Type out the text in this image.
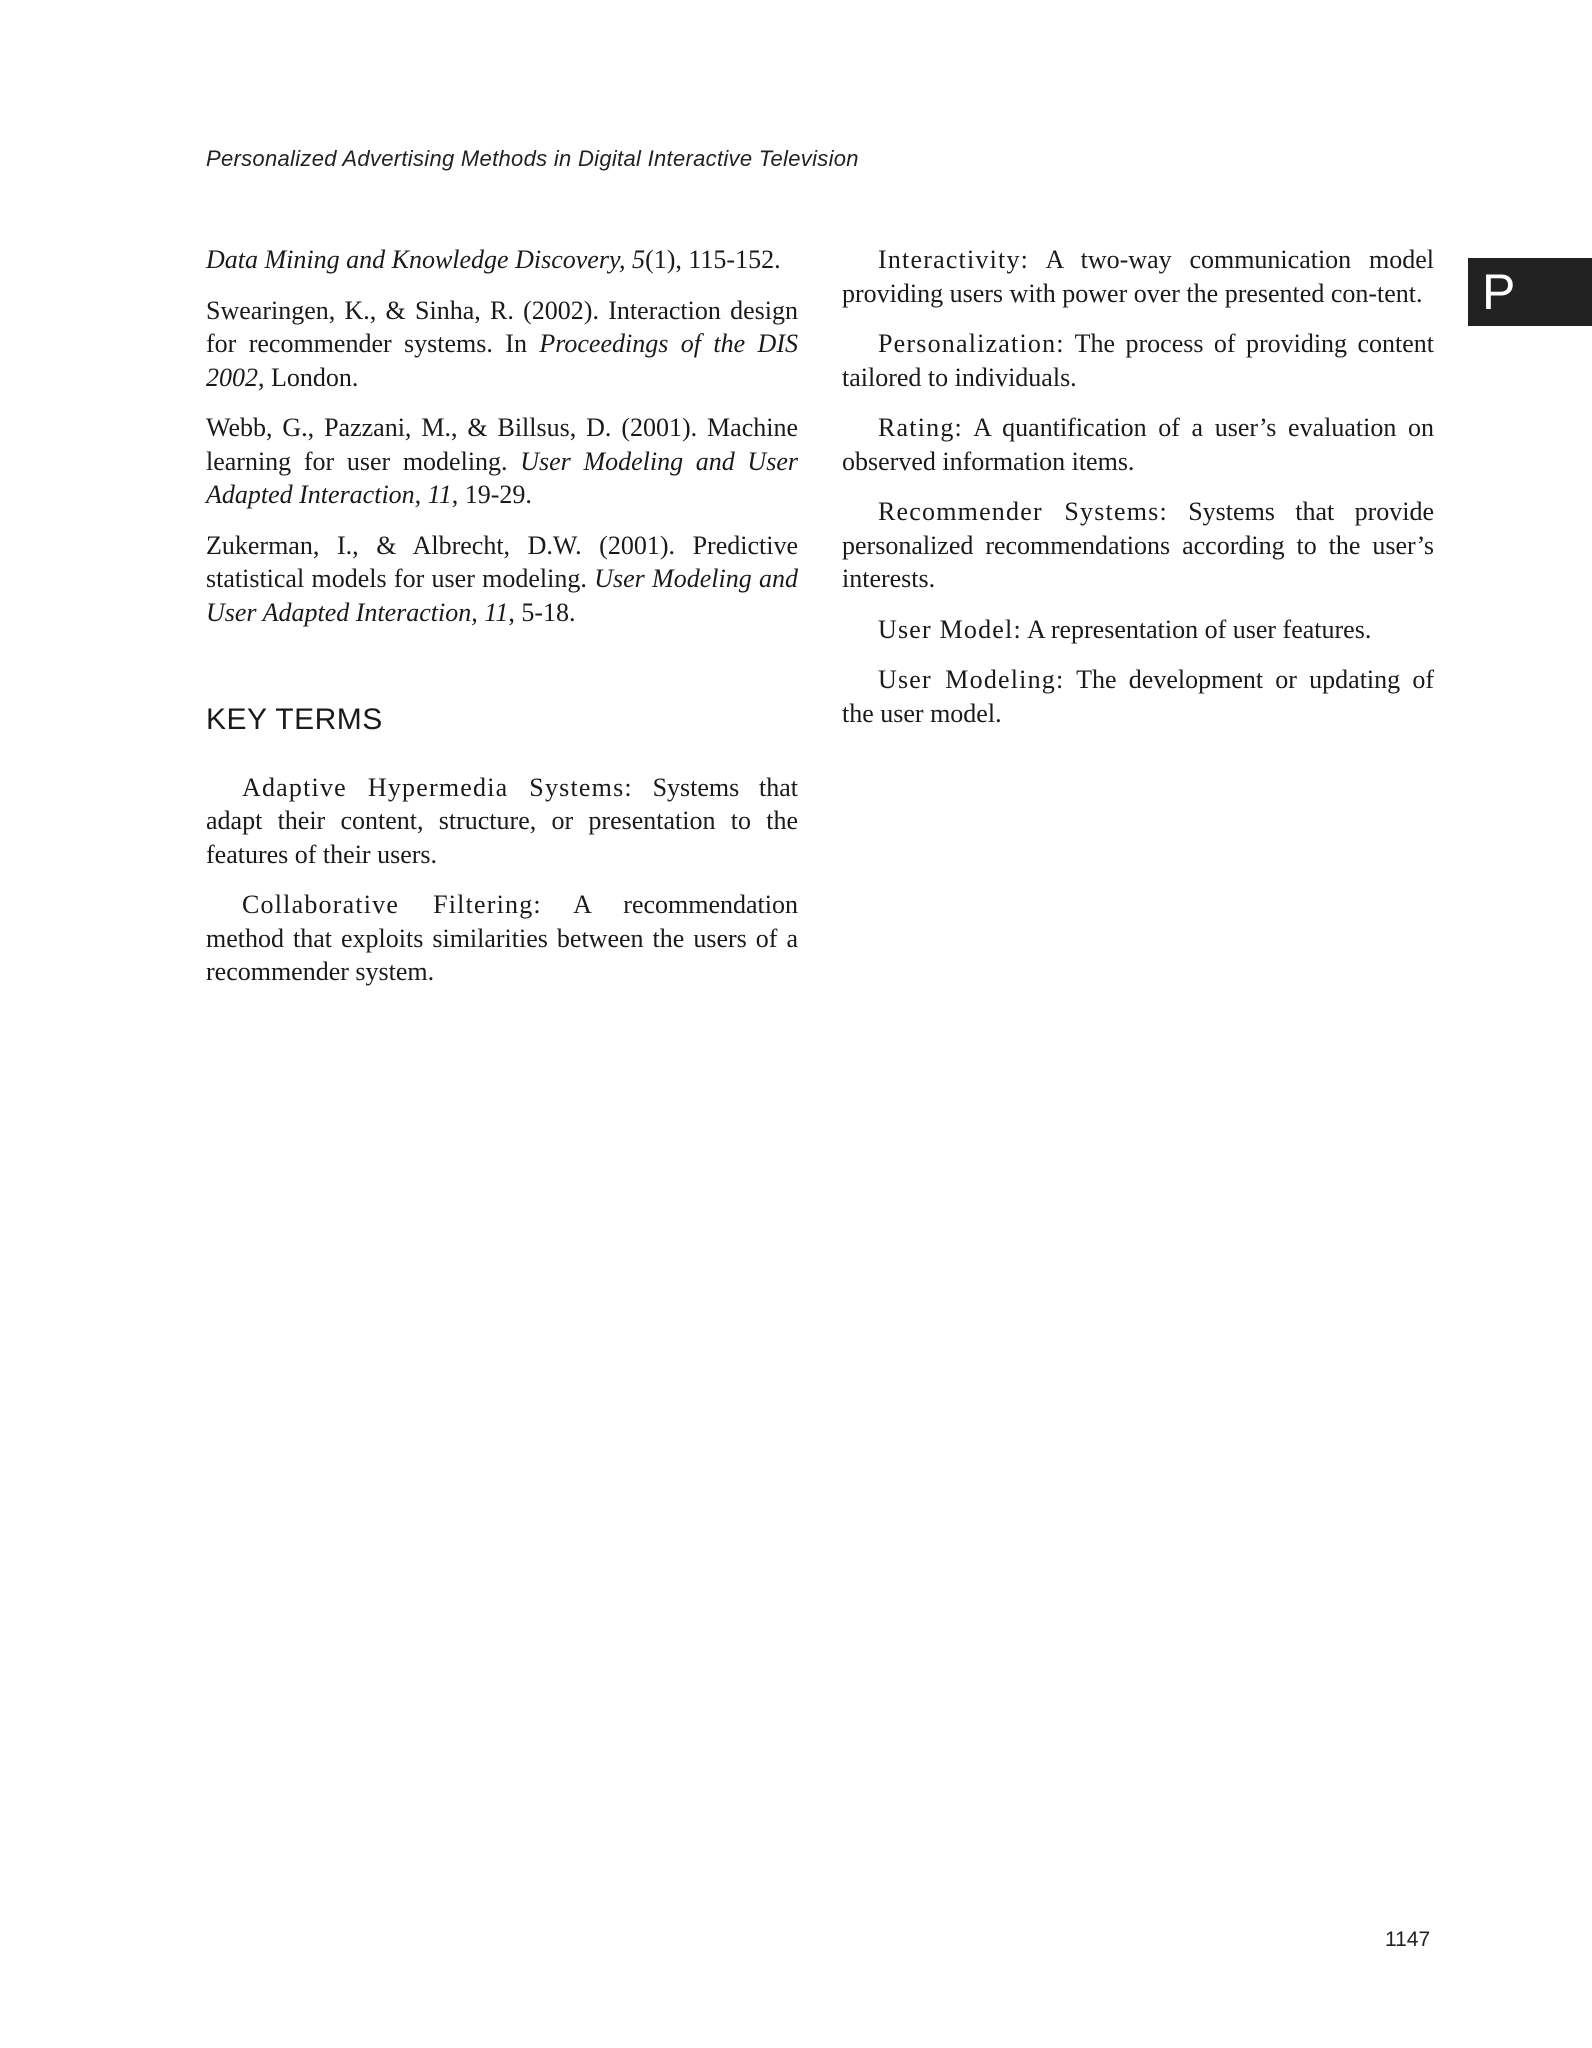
Personalized Advertising Methods in Digital Interactive Television
P

Data Mining and Knowledge Discovery, 5(1), 115-152.

Swearingen, K., & Sinha, R. (2002). Interaction design for recommender systems. In Proceedings of the DIS 2002, London.

Webb, G., Pazzani, M., & Billsus, D. (2001). Machine learning for user modeling. User Modeling and User Adapted Interaction, 11, 19-29.

Zukerman, I., & Albrecht, D.W. (2001). Predictive statistical models for user modeling. User Modeling and User Adapted Interaction, 11, 5-18.

KEY TERMS

Adaptive Hypermedia Systems: Systems that adapt their content, structure, or presentation to the features of their users.

Collaborative Filtering: A recommendation method that exploits similarities between the users of a recommender system.

Interactivity: A two-way communication model providing users with power over the presented con-tent.

Personalization: The process of providing content tailored to individuals.

Rating: A quantification of a user’s evaluation on observed information items.

Recommender Systems: Systems that provide personalized recommendations according to the user’s interests.

User Model: A representation of user features.

User Modeling: The development or updating of the user model.

1147
